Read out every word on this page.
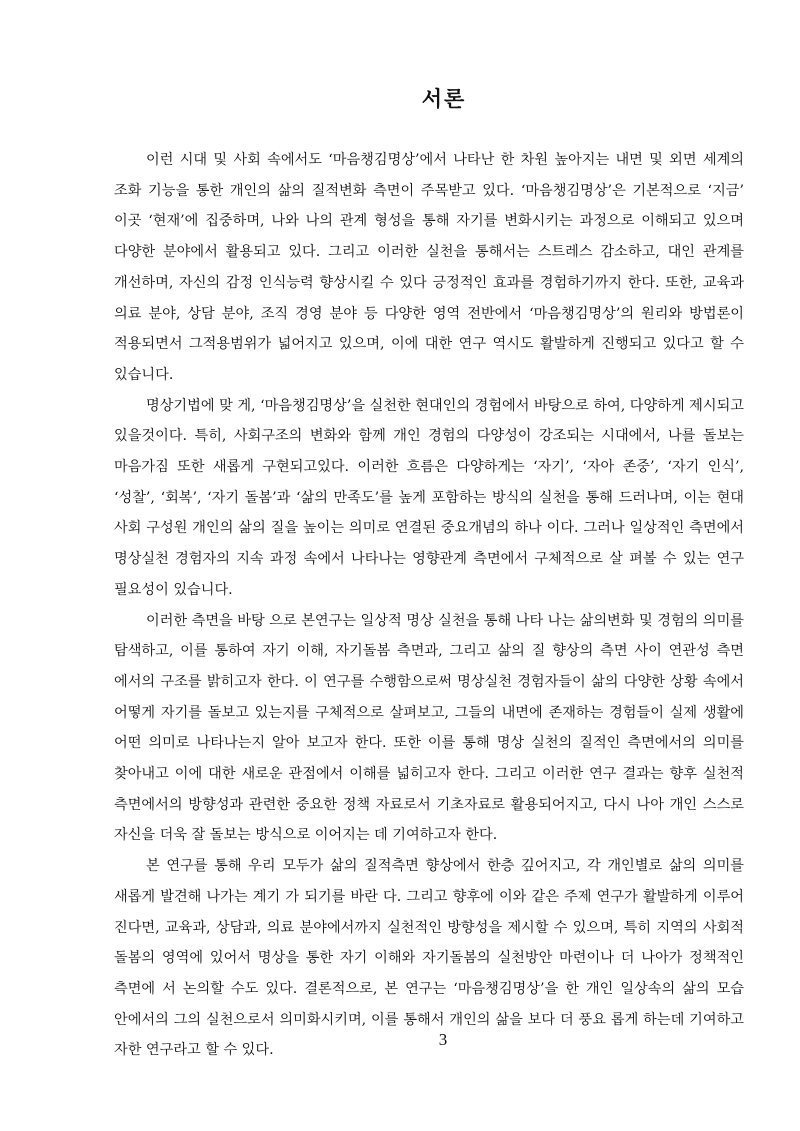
서론

이런 시대 및 사회 속에서도 ‘마음챙김명상’에서 나타난 한 차원 높아지는 내면 및 외면 세계의 조화 기능을 통한 개인의 삶의 질적변화 측면이 주목받고 있다. ‘마음챙김명상’은 기본적으로 ‘지금’ 이곳 ‘현재’에 집중하며, 나와 나의 관계 형성을 통해 자기를 변화시키는 과정으로 이해되고 있으며 다양한 분야에서 활용되고 있다. 그리고 이러한 실천을 통해서는 스트레스 감소하고, 대인 관계를 개선하며, 자신의 감정 인식능력 향상시킬 수 있다 긍정적인 효과를 경험하기까지 한다. 또한, 교육과 의료 분야, 상담 분야, 조직 경영 분야 등 다양한 영역 전반에서 ‘마음챙김명상’의 원리와 방법론이 적용되면서 그적용범위가 넓어지고 있으며, 이에 대한 연구 역시도 활발하게 진행되고 있다고 할 수 있습니다.

명상기법에 맞 게, ‘마음챙김명상’을 실천한 현대인의 경험에서 바탕으로 하여, 다양하게 제시되고 있을것이다. 특히, 사회구조의 변화와 함께 개인 경험의 다양성이 강조되는 시대에서, 나를 돌보는 마음가짐 또한 새롭게 구현되고있다. 이러한 흐름은 다양하게는 ‘자기’, ‘자아 존중’, ‘자기 인식’, ‘성찰’, ‘회복’, ‘자기 돌봄’과 ‘삶의 만족도’를 높게 포함하는 방식의 실천을 통해 드러나며, 이는 현대 사회 구성원 개인의 삶의 질을 높이는 의미로 연결된 중요개념의 하나 이다. 그러나 일상적인 측면에서 명상실천 경험자의 지속 과정 속에서 나타나는 영향관계 측면에서 구체적으로 살 펴볼 수 있는 연구 필요성이 있습니다.

이러한 측면을 바탕 으로 본연구는 일상적 명상 실천을 통해 나타 나는 삶의변화 및 경험의 의미를 탐색하고, 이를 통하여 자기 이해, 자기돌봄 측면과, 그리고 삶의 질 향상의 측면 사이 연관성 측면 에서의 구조를 밝히고자 한다. 이 연구를 수행함으로써 명상실천 경험자들이 삶의 다양한 상황 속에서 어떻게 자기를 돌보고 있는지를 구체적으로 살펴보고, 그들의 내면에 존재하는 경험들이 실제 생활에 어떤 의미로 나타나는지 알아 보고자 한다. 또한 이를 통해 명상 실천의 질적인 측면에서의 의미를 찾아내고 이에 대한 새로운 관점에서 이해를 넓히고자 한다. 그리고 이러한 연구 결과는 향후 실천적 측면에서의 방향성과 관련한 중요한 정책 자료로서 기초자료로 활용되어지고, 다시 나아 개인 스스로 자신을 더욱 잘 돌보는 방식으로 이어지는 데 기여하고자 한다.

본 연구를 통해 우리 모두가 삶의 질적측면 향상에서 한층 깊어지고, 각 개인별로 삶의 의미를 새롭게 발견해 나가는 계기 가 되기를 바란 다. 그리고 향후에 이와 같은 주제 연구가 활발하게 이루어 진다면, 교육과, 상담과, 의료 분야에서까지 실천적인 방향성을 제시할 수 있으며, 특히 지역의 사회적 돌봄의 영역에 있어서 명상을 통한 자기 이해와 자기돌봄의 실천방안 마련이나 더 나아가 정책적인 측면에 서 논의할 수도 있다. 결론적으로, 본 연구는 ‘마음챙김명상’을 한 개인 일상속의 삶의 모습 안에서의 그의 실천으로서 의미화시키며, 이를 통해서 개인의 삶을 보다 더 풍요 롭게 하는데 기여하고 자한 연구라고 할 수 있다.

3
